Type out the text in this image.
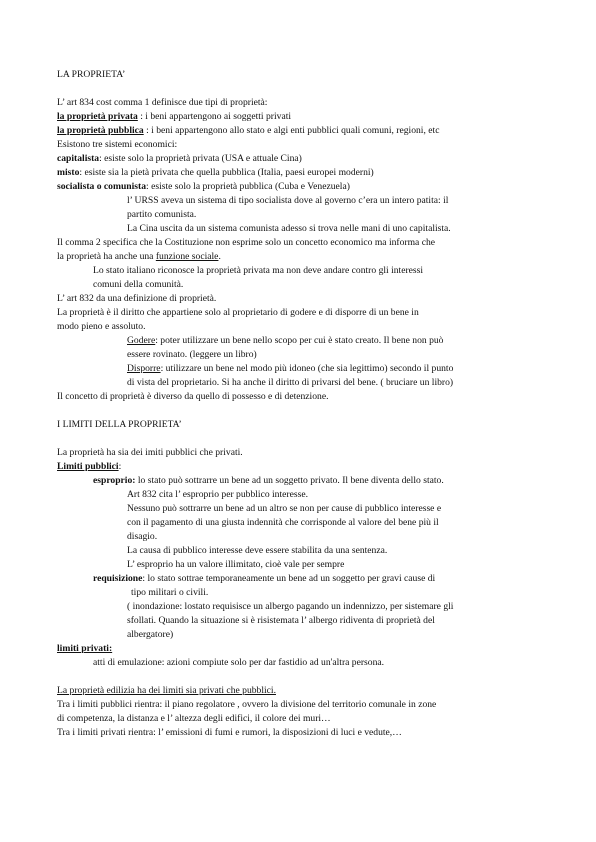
LA PROPRIETA’
L’ art 834 cost comma 1 definisce due tipi di proprietà:
la proprietà privata : i beni appartengono ai soggetti privati
la proprietà pubblica : i beni appartengono allo stato e algi enti pubblici quali comuni, regioni, etc
Esistono tre sistemi economici:
capitalista: esiste solo la proprietà privata (USA e attuale Cina)
misto: esiste sia la pietà privata che quella pubblica (Italia, paesi europei moderni)
socialista o comunista: esiste solo la proprietà pubblica (Cuba e Venezuela)
l’ URSS aveva un sistema di tipo socialista dove al governo c’era un intero patita: il
partito comunista.
La Cina uscita da un sistema comunista adesso si trova nelle mani di uno capitalista.
Il comma 2 specifica che la Costituzione non esprime solo un concetto economico ma informa che
la proprietà ha anche una funzione sociale.
Lo stato italiano riconosce la proprietà privata ma non deve andare contro gli interessi
comuni della comunità.
L’ art 832 da una definizione di proprietà.
La proprietà è il diritto che appartiene solo al proprietario di godere e di disporre di un bene in
modo pieno e assoluto.
Godere: poter utilizzare un bene nello scopo per cui è stato creato. Il bene non può
essere rovinato. (leggere un libro)
Disporre: utilizzare un bene nel modo più idoneo (che sia legittimo) secondo il punto
di vista del proprietario. Si ha anche il diritto di privarsi del bene. ( bruciare un libro)
Il concetto di proprietà è diverso da quello di possesso e di detenzione.
I LIMITI DELLA PROPRIETA’
La proprietà ha sia dei imiti pubblici che privati.
Limiti pubblici:
esproprio: lo stato può sottrarre un bene ad un soggetto privato. Il bene diventa dello stato.
Art 832 cita l’ esproprio per pubblico interesse.
Nessuno può sottrarre un bene ad un altro se non per cause di pubblico interesse e
con il pagamento di una giusta indennità che corrisponde al valore del bene più il
disagio.
La causa di pubblico interesse deve essere stabilita da una sentenza.
L’ esproprio ha un valore illimitato, cioè vale per sempre
requisizione: lo stato sottrae temporaneamente un bene ad un soggetto per gravi cause di
tipo militari o civili.
( inondazione: lostato requisisce un albergo pagando un indennizzo, per sistemare gli
sfollati. Quando la situazione si è risistemata l’ albergo ridiventa di proprietà del
albergatore)
limiti privati:
atti di emulazione: azioni compiute solo per dar fastidio ad un'altra persona.
La proprietà edilizia ha dei limiti sia privati che pubblici.
Tra i limiti pubblici rientra: il piano regolatore , ovvero la divisione del territorio comunale in zone
di competenza, la distanza e l’ altezza degli edifici, il colore dei muri…
Tra i limiti privati rientra: l’ emissioni di fumi e rumori, la disposizioni di luci e vedute,…
